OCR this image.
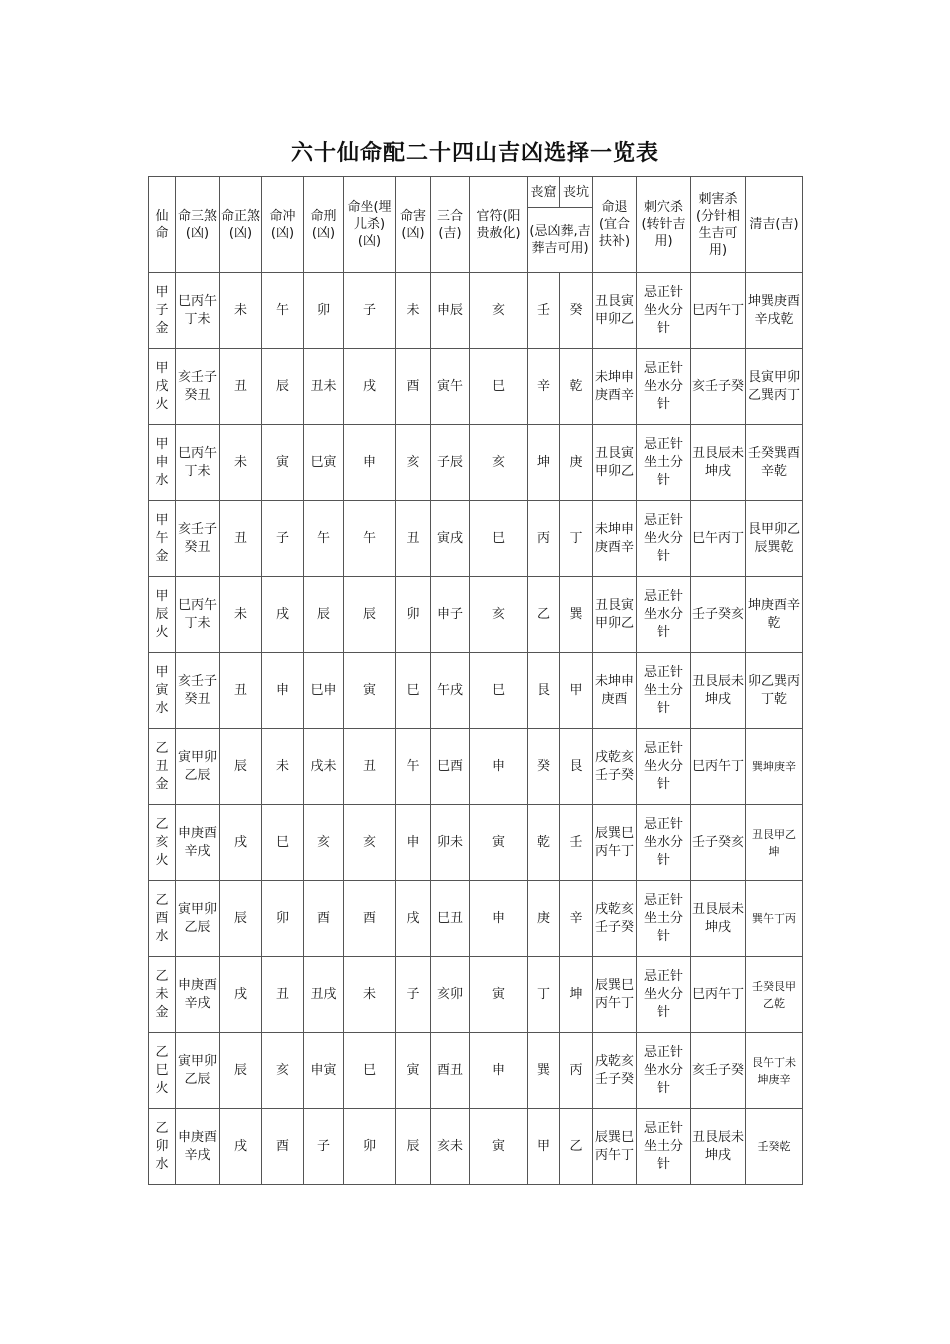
六十仙命配二十四山吉凶选择一览表
仙命	命三煞(凶)	命正煞(凶)	命冲(凶)	命刑(凶)	命坐(埋儿杀)(凶)	命害(凶)	三合(吉)	官符(阳贵赦化)	丧窟	丧坑	命退(宜合扶补)	刺穴杀(转针吉用)	刺害杀(分针相生吉可用)	清吉(吉)
									(忌凶葬,吉葬吉可用)					
甲子金	巳丙午丁未	未	午	卯	子	未	申辰	亥	壬	癸	丑艮寅甲卯乙	忌正针坐火分针	巳丙午丁	坤巽庚酉辛戌乾
甲戌火	亥壬子癸丑	丑	辰	丑未	戌	酉	寅午	巳	辛	乾	未坤申庚酉辛	忌正针坐水分针	亥壬子癸	艮寅甲卯乙巽丙丁
甲申水	巳丙午丁未	未	寅	巳寅	申	亥	子辰	亥	坤	庚	丑艮寅甲卯乙	忌正针坐土分针	丑艮辰未坤戌	壬癸巽酉辛乾
甲午金	亥壬子癸丑	丑	子	午	午	丑	寅戌	巳	丙	丁	未坤申庚酉辛	忌正针坐火分针	巳午丙丁	艮甲卯乙辰巽乾
甲辰火	巳丙午丁未	未	戌	辰	辰	卯	申子	亥	乙	巽	丑艮寅甲卯乙	忌正针坐水分针	壬子癸亥	坤庚酉辛乾
甲寅水	亥壬子癸丑	丑	申	巳申	寅	巳	午戌	巳	艮	甲	未坤申庚酉	忌正针坐土分针	丑艮辰未坤戌	卯乙巽丙丁乾
乙丑金	寅甲卯乙辰	辰	未	戌未	丑	午	巳酉	申	癸	艮	戌乾亥壬子癸	忌正针坐火分针	巳丙午丁	巽坤庚辛
乙亥火	申庚酉辛戌	戌	巳	亥	亥	申	卯未	寅	乾	壬	辰巽巳丙午丁	忌正针坐水分针	壬子癸亥	丑艮甲乙坤
乙酉水	寅甲卯乙辰	辰	卯	酉	酉	戌	巳丑	申	庚	辛	戌乾亥壬子癸	忌正针坐土分针	丑艮辰未坤戌	巽午丁丙
乙未金	申庚酉辛戌	戌	丑	丑戌	未	子	亥卯	寅	丁	坤	辰巽巳丙午丁	忌正针坐火分针	巳丙午丁	壬癸艮甲乙乾
乙巳火	寅甲卯乙辰	辰	亥	申寅	巳	寅	酉丑	申	巽	丙	戌乾亥壬子癸	忌正针坐水分针	亥壬子癸	艮午丁未坤庚辛
乙卯水	申庚酉辛戌	戌	酉	子	卯	辰	亥未	寅	甲	乙	辰巽巳丙午丁	忌正针坐土分针	丑艮辰未坤戌	壬癸乾
